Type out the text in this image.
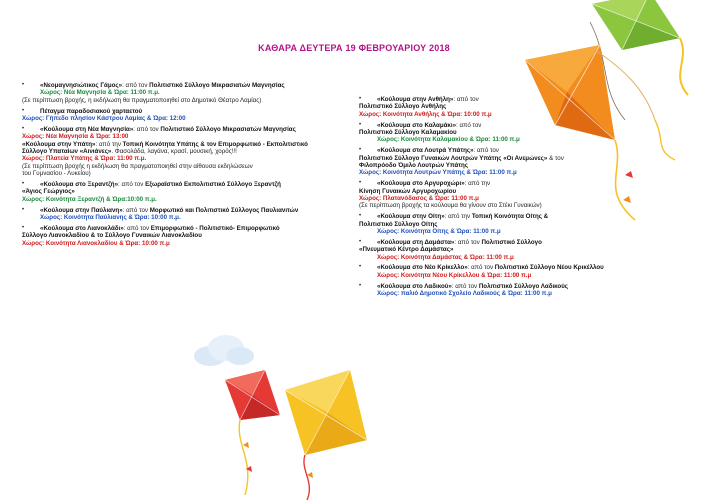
ΚΑΘΑΡΑ ΔΕΥΤΕΡΑ 19 ΦΕΒΡΟΥΑΡΙΟΥ 2018
• «Νεομαγνησιώτικος Γάμος»: από τον Πολιτιστικό Σύλλογο Μικρασιατών Μαγνησίας
Χώρος: Νέα Μαγνησία & Ώρα: 11:00 π.μ.
(Σε περίπτωση βροχής, η εκδήλωση θα πραγματοποιηθεί στο Δημοτικό Θέατρο Λαμίας)
• Πέταγμα παραδοσιακού χαρταετού
Χώρος: Γήπεδο πλησίον Κάστρου Λαμίας & Ώρα: 12:00
• «Κούλουμα στη Νέα Μαγνησία»: από τον Πολιτιστικό Σύλλογο Μικρασιατών Μαγνησίας
Χώρος: Νέα Μαγνησία & Ώρα: 13:00
«Κούλουμα στην Υπάτη»: από την Τοπική Κοινότητα Υπάτης & τον Επιμορφωτικό - Εκπολιτιστικό
Σύλλογο Υπαταίων «Αινιάνες». Φασολάδα, λαγάνα, κρασί, μουσική, χορός!!!
Χώρος: Πλατεία Υπάτης & Ώρα: 11:00 π.μ.
(Σε περίπτωση βροχής η εκδήλωση θα πραγματοποιηθεί στην αίθουσα εκδηλώσεων
του Γυμνασίου - Λυκείου)
• «Κούλουμα στο Ξεραντζή»: από τον Εξωραϊστικό Εκπολιτιστικό Σύλλογο Ξεραντζή
«Άγιος Γεώργιος»
Χώρος: Κοινότητα Ξεραντζή & Ώρα:10:00 π.μ.
• «Κούλουμα στην Παύλιανη»: από τον Μορφωτικό και Πολιτιστικό Σύλλογος Παυλιανιτών
Χώρος: Κοινότητα Παύλιανης & Ώρα: 10:00 π.μ.
• «Κούλουμα στο Λιανοκλάδι»: από τον Επιμορφωτικό - Πολιτιστικό- Επιμορφωτικό
Σύλλογο Λιανοκλαδίου & το Σύλλογο Γυναικών Λιανοκλαδίου
Χώρος: Κοινότητα Λιανοκλαδίου & Ώρα: 10:00 π.μ
• «Κούλουμα στην Ανθήλη»: από τον
Πολιτιστικό Σύλλογο Ανθήλης
Χώρος: Κοινότητα Ανθήλης & Ώρα: 10:00 π.μ
• «Κούλουμα στο Καλαμάκι»: από τον
Πολιτιστικό Σύλλογο Καλαμακίου
Χώρος: Κοινότητα Καλαμακίου & Ώρα: 11:00 π.μ
• «Κούλουμα στα Λουτρά Υπάτης»: από τον
Πολιτιστικό Σύλλογο Γυναικών Λουτρών Υπάτης «Οι Ανεμώνες» & τον
Φιλοπρόοδο Όμιλο Λουτρών Υπάτης
Χώρος: Κοινότητα Λουτρών Υπάτης & Ώρα: 11:00 π.μ
• «Κούλουμα στο Αργυροχώρι»: από την
Κίνηση Γυναικών Αργυροχωρίου
Χώρος: Πλατανόδασος & Ώρα: 11:00 π.μ
(Σε περίπτωση βροχής τα κούλουμα θα γίνουν στο Στέκι Γυναικών)
• «Κούλουμα στην Οίτη»: από την Τοπική Κοινότητα Οίτης &
Πολιτιστικό Σύλλογο Οίτης
Χώρος: Κοινότητα Οίτης & Ώρα: 11:00 π.μ
• «Κούλουμα στη Δαμάστα»: από τον Πολιτιστικό Σύλλογο
«Πνευματικό Κέντρο Δαμάστας»
Χώρος: Κοινότητα Δαμάστας & Ώρα: 11:00 π.μ
• «Κούλουμα στο Νέο Κρίκελλο»: από τον Πολιτιστικό Σύλλογο Νέου Κρικέλλου
Χώρος: Κοινότητα Νέου Κρίκελλου & Ώρα: 11:00 π.μ
• «Κούλουμα στο Λαδικού»: από τον Πολιτιστικό Σύλλογο Λαδικούς
Χώρος: παλιό Δημοτικό Σχολείο Λαδικούς & Ώρα: 11:00 π.μ
